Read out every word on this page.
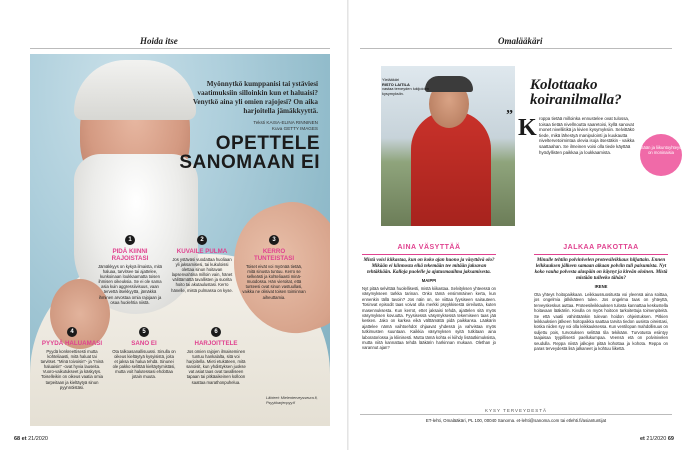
Hoida itse
Myönnytkö kumppanisi tai ystäviesi vaatimuksiin silloinkin kun et haluaisi? Venytkö aina yli omien rajojesi? On aika harjoitella jämäkkyyttä.
Teksti KAISA-ELINA RINNINEN
Kuva GETTY IMAGES
OPETTELE SANOMAAN EI
1
PIDÄ KIINNI RAJOISTASI
Jämäkkyys on kykyä ilmaista, mitä haluaa, tarvitsee tai ajattelee, kunkoinaan loukkaamatta toisen ihmisen oikeuksia. Se ei ole sama asia kuin aggressiivisuus, vaan tervettä itsekkyyttä, jämäkkä ihminen arvostaa omia rajojaan ja osaa huolehtia niistä.
2
KUVAILE PULMA
Jos ystäväsi vuodattaa huoliaan yli jaksamisesi, tai kukuloissi olettaa sinun hoitavan lapsenvahtina milloin vain, hänet välittämättä tavallisten ja suorita hoito tai akutaulustasi. Kerro hänelle, mistä pulmassa on kyse.
3
KERRO TUNTEISTASI
Toiset eivät voi myönää tietää, mitä sinusta tuntuu. Kerro se selkeästi ja kohteliaasti minä-muodossa. Hän vieroitat, että tunteesi ovat sinun vastuullasi, vaikka ne olisivat toisen toiminnan aiheuttamia.
4
PYYDÄ HALUAMASI
Pyydä konkreettisesti mutta kohteliaasti, mitä haluat tai tarvitset. "Minä toivoisin"- ja "minä haluaisin" -ovat hyvia lauseita. Vuoro-vaikutukseet ja käskytys. Toiselleikin on oikeus vaatia omia tarpeitaan ja kieltäytyä sinun pyynnöistäsi.
5
SANO EI
Ota talkoasanallisuussi. Sinulla on oikeus kieltäytyä kysyisistä, joita et jaksa tai halua tehdä. Sinunei ole pakko selittää kieltäytymistäsi, mutta voit halutessasi ehdottaa jotain muuta.
6
HARJOITTELE
Jos omien rajojen ilmaiseminen tuntuu hankalalta, sitä voi harjoitella. Mieti etukäteen, mitä sanoisit, kun yhdistyksen juokse vat asiat taas ovat tavalliseen tapaan tai pitkäaikeinen kolloon saattaa marathonpuhelua.
Lähteet: Mielenterveysseura.fi, Psyykkarjenpyy.fi
68 et 21/2020
Omalääkäri
Ylelääkäri
RISTO LAITILA
vastaa terveyden lukijoiden kysymyksiin.
Kolottaako koiranilmalla?
” K roppa tietää milloinka ennustelee ovat tulossa, toisaa tietää nivellnoutta saaretoisi, kyllä sanovat monet nivelliitikä ja kivien kysymyksiin. Selvittäkö tiede, mikä lähestyä manipulointi ja kuukautta niveltervetoimintaa olevia isoja itsestäkin - vaikka saattaahan. Se ilmeinen voisi olla tiede käyttää hyödyllisten paikkaa ja loukkaamista.
Sään ja liikuntoyhteys on moninaisia
AINA VÄSYTTÄÄ
Mistä voisi kiikastaa, kun on koko ajan huono ja väsyttävä olo? Mikään ei kiinnosta eikä tekemään tee mitään jaksavan tehtäkkään. Kalloja puolelle ja ajatusmaailma jaksamisesta.
MAIPPI
Nyt pitää selvittää huolellisesti, mistä kiikastaa. Selvityksen yhteessä on väsymykseen tarkka tarinan. Onko tämä ensimmäinen kerta, kun ennenkin tällä tavoin? Jos näin on, se viittaa fyysiseen sairauteen. Tosinvat episodit taas voivat olla merkki psyykkisestä oireilusta, kuten masennuksesta. Kun kerrot, ettet jaksaisi tehdä, ajattelen sitä myös väsymyksen kovuutta. Fyysisessä väsymyksessä tekemiseen taas jää kesken. Jako on karkea eikä välttämättä pidä paikkansa. Lääkärin ajattelee nämä vaihtoehdot ohjaavat yhdessä ja vahvistaa myös tutkimusten suuntaan. Kaikkia väsymyksen syitä tutkitaan aina laboratoriossa ja kliinisesti. Mutta tämä kohta ei kiihdy lisätutkimuksista, mutta niitä kannattaa tehdä lääkärin harkinnan mukaan. Olethan jo varannut ajan?
JALKAA PAKOTTAA
Minulle tehtiin polvinivelen proteesileikkaus hiljattain. Ennen leikkauksen jälkeen samaan aikaan polviin tuli paisumista. Nyt koko vauha polvesta alaspäin on käynyt ja kireän oloinen. Mistä mistään tulleeko tähän?
IRENE
Ota yhteys hoitopaikkaan. Leikkaussuositusta voi yleensä aina soittaa, jos ongelmia jälkikäteen tulee. Jos ongelma taas on yhteyttä, terveyskeskus auttaa. Proteesileikkauksen tulosta kannattaa keskustella hoitavaan lääkäriin. Kivulla on myös hoitoon tarkoitettuja toimenpiteitä. Se että vaatii vähintäänkin tulevan hoidon ohjeistuksen. Pitkien leikkauksien jälkeen hoitopaikka saattaa tarvita tiedon uusista oireistasi, koska niiden syy voi olla leikkauksessa. Kun ventilopan mahdollisuus on suljettu pois, turvotuksen selittää tila tekikään. Turvotusta esiintyy taajaisaa tyypillisesti paellukumpaa. Veensä etä on polvinivelen seudulla. Reppa niistä jalkojen pitää kohottaa ja kohota. Reppa on paras terveydestä lisä jalkaneet ja kohtuu liikettä.
KYSY TERVEYDESTÄ
ET-lehti, Omalääkäri, PL 100, 00040 Sanoma. et-lehti@sanoma.com tai etlehti.fi/asiantuntijat
et 21/2020 69
